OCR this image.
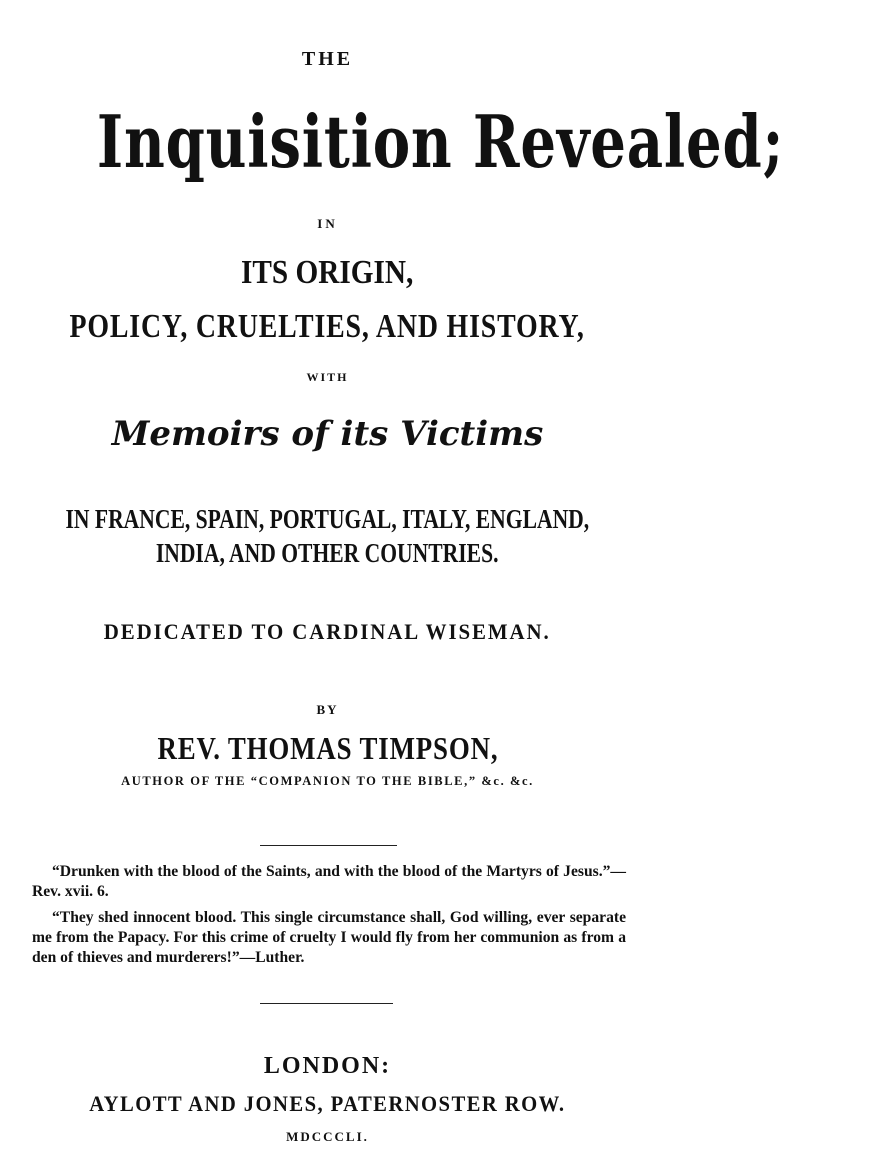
THE
Inquisition Revealed;
IN
ITS ORIGIN,
POLICY, CRUELTIES, AND HISTORY,
WITH
Memoirs of its Victims
IN FRANCE, SPAIN, PORTUGAL, ITALY, ENGLAND,
INDIA, AND OTHER COUNTRIES.
DEDICATED TO CARDINAL WISEMAN.
BY
REV. THOMAS TIMPSON,
AUTHOR OF THE “COMPANION TO THE BIBLE,” &c. &c.

“Drunken with the blood of the Saints, and with the blood of the Martyrs of Jesus.”—Rev. xvii. 6.

“They shed innocent blood. This single circumstance shall, God willing, ever separate me from the Papacy. For this crime of cruelty I would fly from her communion as from a den of thieves and murderers!”—Luther.

LONDON:
AYLOTT AND JONES, PATERNOSTER ROW.
MDCCCLI.
